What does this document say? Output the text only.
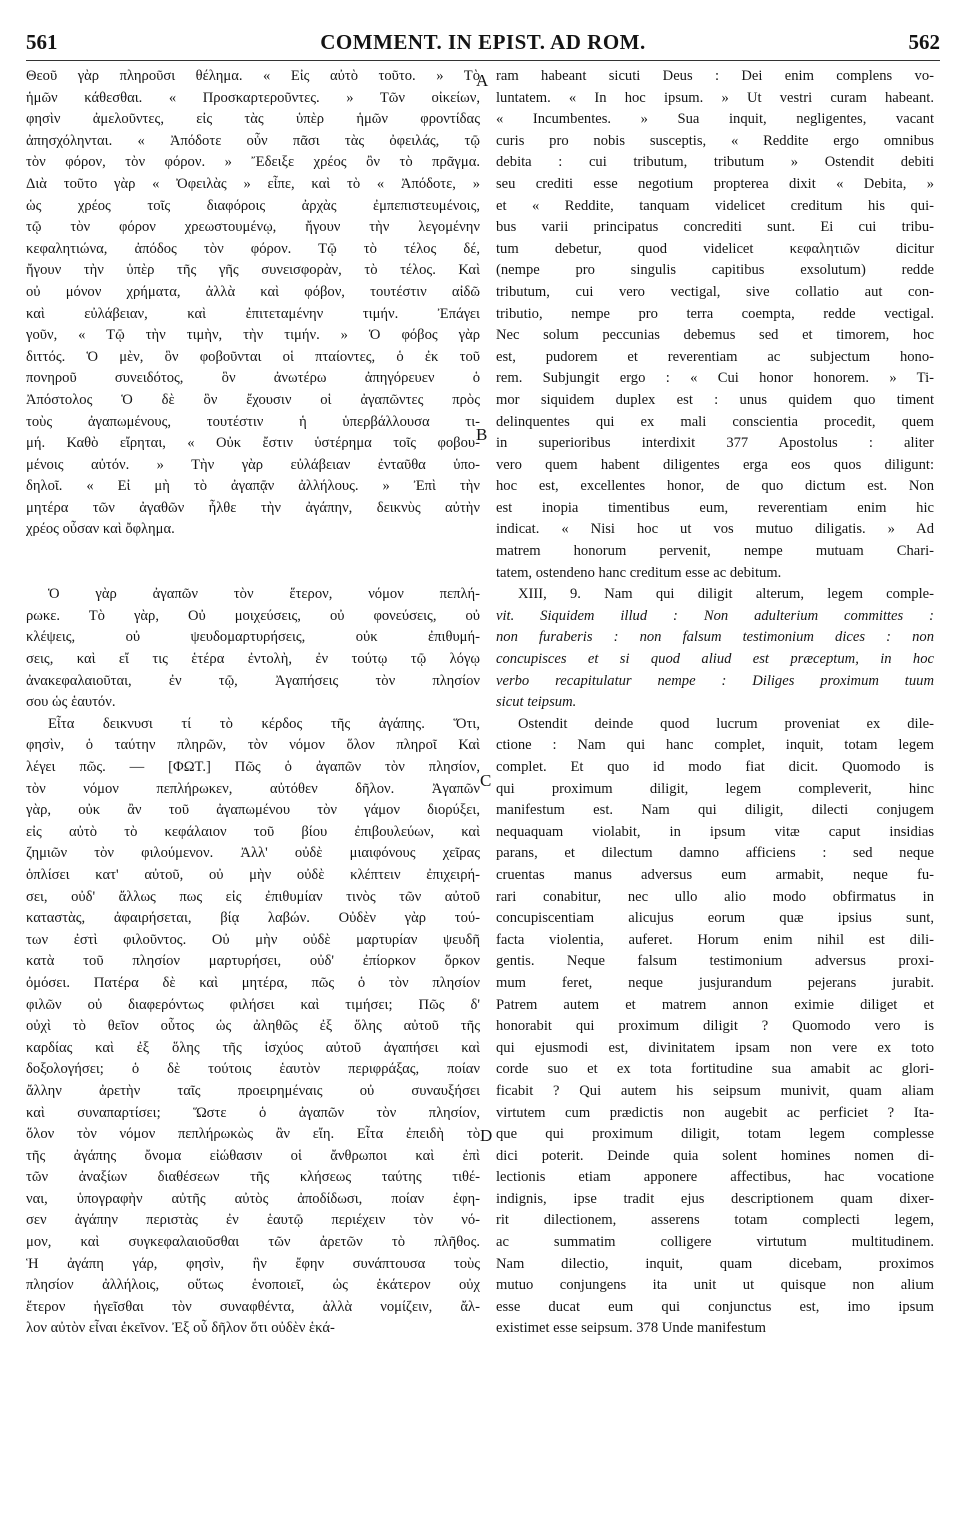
561	COMMENT. IN EPIST. AD ROM.	562
Θεοῦ γὰρ πληροῦσι θέλημα. « Εἰς αὐτὸ τοῦτο. » Τὸ
ἡμῶν κάθεσθαι. « Προσκαρτεροῦντες. » Τῶν οἰκείων,
φησὶν ἀμελοῦντες, εἰς τὰς ὑπὲρ ἡμῶν φροντίδας
ἀπησχόληνται. « Ἀπόδοτε οὖν πᾶσι τὰς ὀφειλάς, τῷ
τὸν φόρον, τὸν φόρον. » Ἔδειξε χρέος ὂν τὸ πρᾶγμα.
Διὰ τοῦτο γὰρ « Ὀφειλὰς » εἶπε, καὶ τὸ « Ἀπόδοτε, »
ὡς χρέος τοῖς διαφόροις ἀρχὰς ἐμπεπιστευμένοις,
τῷ τὸν φόρον χρεωστουμένῳ, ἤγουν τὴν λεγομένην
κεφαλητιώνα, ἀπόδος τὸν φόρον. Τῷ τὸ τέλος δέ,
ἤγουν τὴν ὑπὲρ τῆς γῆς συνεισφορὰν, τὸ τέλος. Καὶ
οὐ μόνον χρήματα, ἀλλὰ καὶ φόβον, τουτέστιν αἰδῶ
καὶ εὐλάβειαν, καὶ ἐπιτεταμένην τιμήν. Ἐπάγει
γοῦν, « Τῷ τὴν τιμὴν, τὴν τιμήν. » Ὁ φόβος γὰρ
διττός. Ὁ μὲν, ὃν φοβοῦνται οἱ πταίοντες, ὁ ἐκ τοῦ
πονηροῦ συνειδότος, ὃν ἀνωτέρω ἀπηγόρευεν ὁ
Ἀπόστολος Ὁ δὲ ὃν ἔχουσιν οἱ ἀγαπῶντες πρὸς
τοὺς ἀγαπωμένους, τουτέστιν ἡ ὑπερβάλλουσα τι-
μή. Καθὸ εἴρηται, « Οὐκ ἔστιν ὑστέρημα τοῖς φοβου-
μένοις αὐτόν. » Τὴν γὰρ εὐλάβειαν ἐνταῦθα ὑπο-
δηλοῖ. « Εἰ μὴ τὸ ἀγαπᾷν ἀλλήλους. » Ἐπὶ τὴν
μητέρα τῶν ἀγαθῶν ἦλθε τὴν ἀγάπην, δεικνὺς αὐτὴν
χρέος οὖσαν καὶ ὄφλημα.
Ὁ γὰρ ἀγαπῶν τὸν ἕτερον, νόμον πεπλή-
ρωκε. Τὸ γὰρ, Οὐ μοιχεύσεις, οὐ φονεύσεις, οὐ
κλέψεις, οὐ ψευδομαρτυρήσεις, οὐκ ἐπιθυμή-
σεις, καὶ εἴ τις ἑτέρα ἐντολὴ, ἐν τούτῳ τῷ λόγῳ
ἀνακεφαλαιοῦται, ἐν τῷ, Ἀγαπήσεις τὸν πλησίον
σου ὡς ἑαυτόν.
Εἶτα δεικνυσι τί τὸ κέρδος τῆς ἀγάπης. Ὅτι,
φησὶν, ὁ ταύτην πληρῶν, τὸν νόμον ὅλον πληροῖ Καὶ
λέγει πῶς. — [ΦΩΤ.] Πῶς ὁ ἀγαπῶν τὸν πλησίον,
τὸν νόμον πεπλήρωκεν, αὐτόθεν δῆλον. Ἀγαπῶν
γὰρ, οὐκ ἂν τοῦ ἀγαπωμένου τὸν γάμον διορύξει,
εἰς αὐτὸ τὸ κεφάλαιον τοῦ βίου ἐπιβουλεύων, καὶ
ζημιῶν τὸν φιλούμενον. Ἀλλ' οὐδὲ μιαιφόνους χεῖρας
ὁπλίσει κατ' αὐτοῦ, οὐ μὴν οὐδὲ κλέπτειν ἐπιχειρή-
σει, οὐδ' ἄλλως πως εἰς ἐπιθυμίαν τινὸς τῶν αὐτοῦ
καταστὰς, ἀφαιρήσεται, βίᾳ λαβών. Οὐδὲν γὰρ τού-
των ἐστὶ φιλοῦντος. Οὐ μὴν οὐδὲ μαρτυρίαν ψευδῆ
κατὰ τοῦ πλησίον μαρτυρήσει, οὐδ' ἐπίορκον ὅρκον
ὀμόσει. Πατέρα δὲ καὶ μητέρα, πῶς ὁ τὸν πλησίον
φιλῶν οὐ διαφερόντως φιλήσει καὶ τιμήσει; Πῶς δ'
οὐχὶ τὸ θεῖον οὗτος ὡς ἀληθῶς ἐξ ὅλης αὐτοῦ τῆς
καρδίας καὶ ἐξ ὅλης τῆς ἰσχύος αὐτοῦ ἀγαπήσει καὶ
δοξολογήσει; ὁ δὲ τούτοις ἑαυτὸν περιφράξας, ποίαν
ἄλλην ἀρετὴν ταῖς προειρημέναις οὐ συναυξήσει
καὶ συναπαρτίσει; Ὥστε ὁ ἀγαπῶν τὸν πλησίον,
ὅλον τὸν νόμον πεπλήρωκὼς ἂν εἴη. Εἶτα ἐπειδὴ τὸ
τῆς ἀγάπης ὄνομα εἰώθασιν οἱ ἄνθρωποι καὶ ἐπὶ
τῶν ἀναξίων διαθέσεων τῆς κλήσεως ταύτης τιθέ-
ναι, ὑπογραφὴν αὐτῆς αὐτὸς ἀποδίδωσι, ποίαν ἐφη-
σεν ἀγάπην περιστὰς ἐν ἑαυτῷ περιέχειν τὸν νό-
μον, καὶ συγκεφαλαιοῦσθαι τῶν ἀρετῶν τὸ πλῆθος.
Ἡ ἀγάπη γάρ, φησὶν, ἣν ἔφην συνάπτουσα τοὺς
πλησίον ἀλλήλοις, οὕτως ἑνοποιεῖ, ὡς ἑκάτερον οὐχ
ἕτερον ἡγεῖσθαι τὸν συναφθέντα, ἀλλὰ νομίζειν, ἄλ-
λον αὐτὸν εἶναι ἐκεῖνον. Ἐξ οὗ δῆλον ὅτι οὐδὲν ἑκά-
ram habeant sicuti Deus : Dei enim complens vo-
luntatem. « In hoc ipsum. » Ut vestri curam habeant.
« Incumbentes. » Sua inquit, negligentes, vacant
curis pro nobis susceptis, « Reddite ergo omnibus
debita : cui tributum, tributum » Ostendit debiti
seu crediti esse negotium propterea dixit « Debita, »
et « Reddite, tanquam videlicet creditum his qui-
bus varii principatus concrediti sunt. Ei cui tribu-
tum debetur, quod videlicet κεφαλητιῶν dicitur
(nempe pro singulis capitibus exsolutum) redde
tributum, cui vero vectigal, sive collatio aut con-
tributio, nempe pro terra coempta, redde vectigal.
Nec solum peccunias debemus sed et timorem, hoc
est, pudorem et reverentiam ac subjectum hono-
rem. Subjungit ergo : « Cui honor honorem. » Ti-
mor siquidem duplex est : unus quidem quo timent
delinquentes qui ex mali conscientia procedit, quem
in superioribus interdixit 377 Apostolus : aliter
vero quem habent diligentes erga eos quos diligunt:
hoc est, excellentes honor, de quo dictum est. Non
est inopia timentibus eum, reverentiam enim hic
indicat. « Nisi hoc ut vos mutuo diligatis. » Ad
matrem honorum pervenit, nempe mutuam Chari-
tatem, ostendeno hanc creditum esse ac debitum.
XIII, 9. Nam qui diligit alterum, legem comple-
vit. Siquidem illud : Non adulterium committes :
non furaberis : non falsum testimonium dices : non
concupisces et si quod aliud est præceptum, in hoc
verbo recapitulatur nempe : Diliges proximum tuum
sicut teipsum.
Ostendit deinde quod lucrum proveniat ex dile-
ctione : Nam qui hanc complet, inquit, totam legem
complet. Et quo id modo fiat dicit. Quomodo is
qui proximum diligit, legem compleverit, hinc
manifestum est. Nam qui diligit, dilecti conjugem
nequaquam violabit, in ipsum vitæ caput insidias
parans, et dilectum damno afficiens : sed neque
cruentas manus adversus eum armabit, neque fu-
rari conabitur, nec ullo alio modo obfirmatus in
concupiscentiam alicujus eorum quæ ipsius sunt,
facta violentia, auferet. Horum enim nihil est dili-
gentis. Neque falsum testimonium adversus proxi-
mum feret, neque jusjurandum pejerans jurabit.
Patrem autem et matrem annon eximie diliget et
honorabit qui proximum diligit ? Quomodo vero is
qui ejusmodi est, divinitatem ipsam non vere ex toto
corde suo et ex tota fortitudine sua amabit ac glori-
ficabit ? Qui autem his seipsum munivit, quam aliam
virtutem cum prædictis non augebit ac perficiet ? Ita-
que qui proximum diligit, totam legem complesse
dici poterit. Deinde quia solent homines nomen di-
lectionis etiam apponere affectibus, hac vocatione
indignis, ipse tradit ejus descriptionem quam dixer-
rit dilectionem, asserens totam complecti legem,
ac summatim colligere virtutum multitudinem.
Nam dilectio, inquit, quam dicebam, proximos
mutuo conjungens ita unit ut quisque non alium
esse ducat eum qui conjunctus est, imo ipsum
existimet esse seipsum. 378 Unde manifestum
A
B
C
D
